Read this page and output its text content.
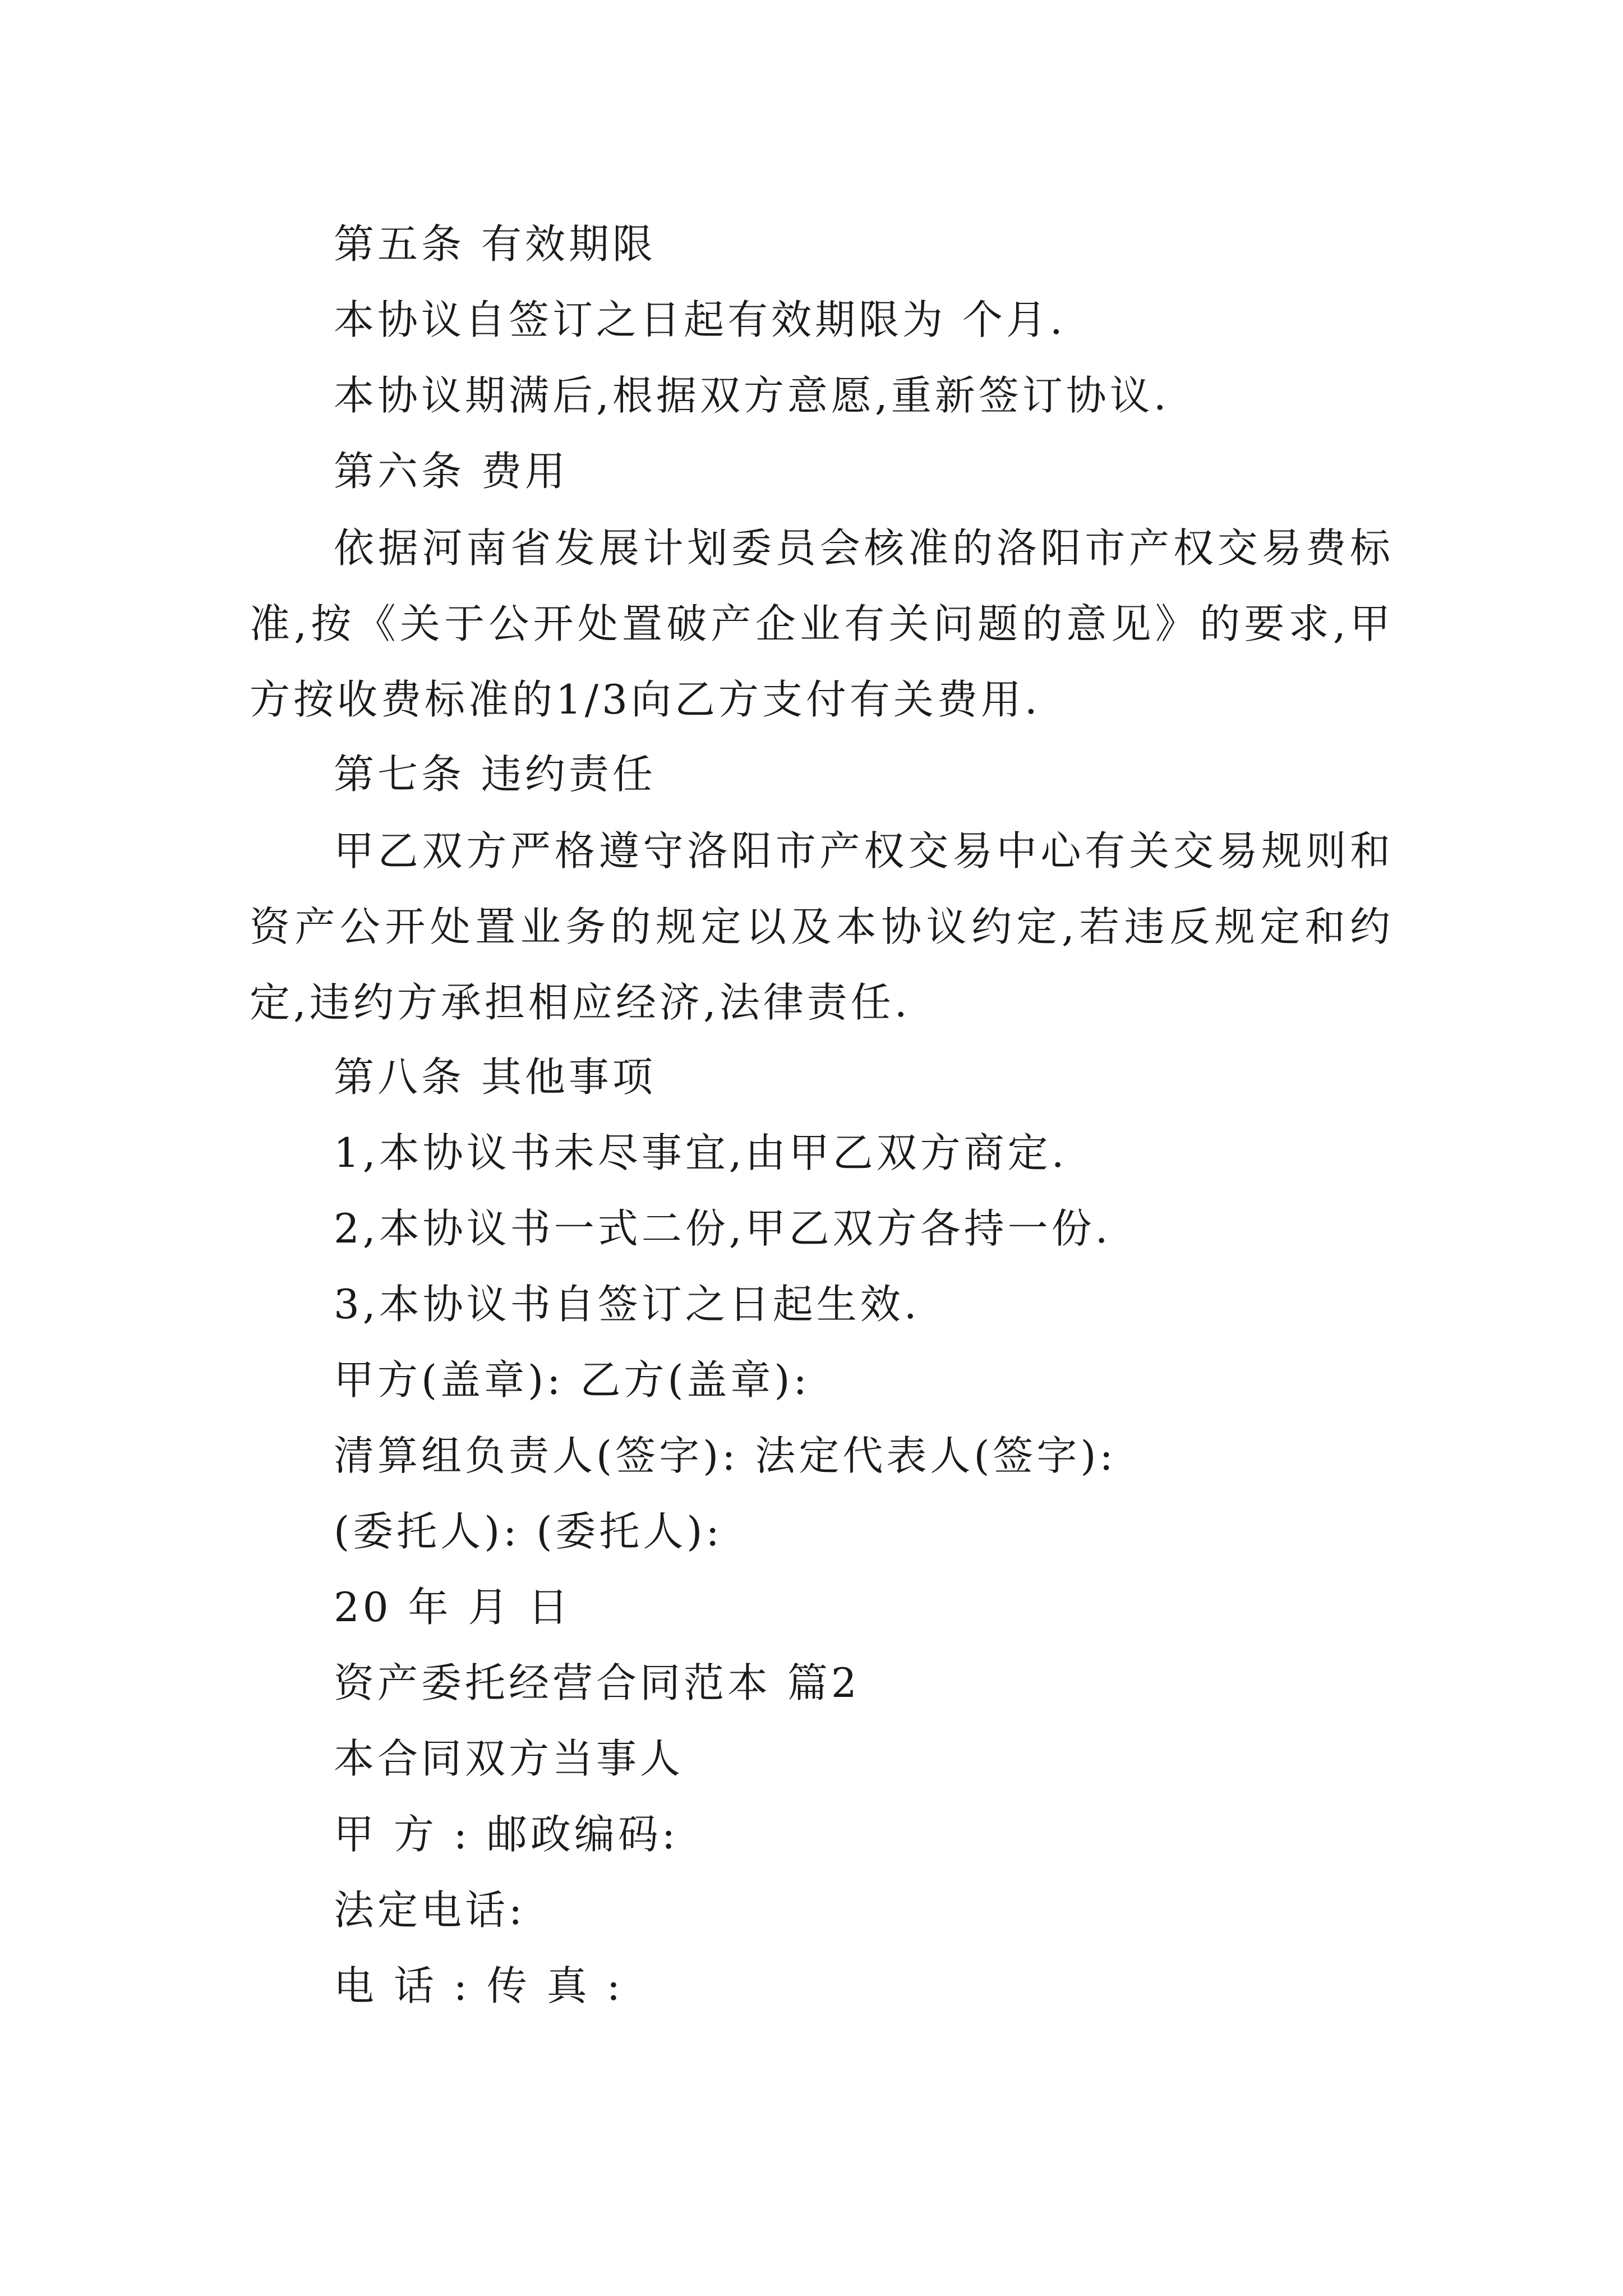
第五条 有效期限
本协议自签订之日起有效期限为 个月.
本协议期满后,根据双方意愿,重新签订协议.
第六条 费用
依据河南省发展计划委员会核准的洛阳市产权交易费标准,按《关于公开处置破产企业有关问题的意见》的要求,甲方按收费标准的1/3向乙方支付有关费用.
第七条 违约责任
甲乙双方严格遵守洛阳市产权交易中心有关交易规则和资产公开处置业务的规定以及本协议约定,若违反规定和约定,违约方承担相应经济,法律责任.
第八条 其他事项
1,本协议书未尽事宜,由甲乙双方商定.
2,本协议书一式二份,甲乙双方各持一份.
3,本协议书自签订之日起生效.
甲方(盖章): 乙方(盖章):
清算组负责人(签字): 法定代表人(签字):
(委托人): (委托人):
20 年 月 日
资产委托经营合同范本 篇2
本合同双方当事人
甲 方 : 邮政编码:
法定电话:
电 话 : 传 真 :
